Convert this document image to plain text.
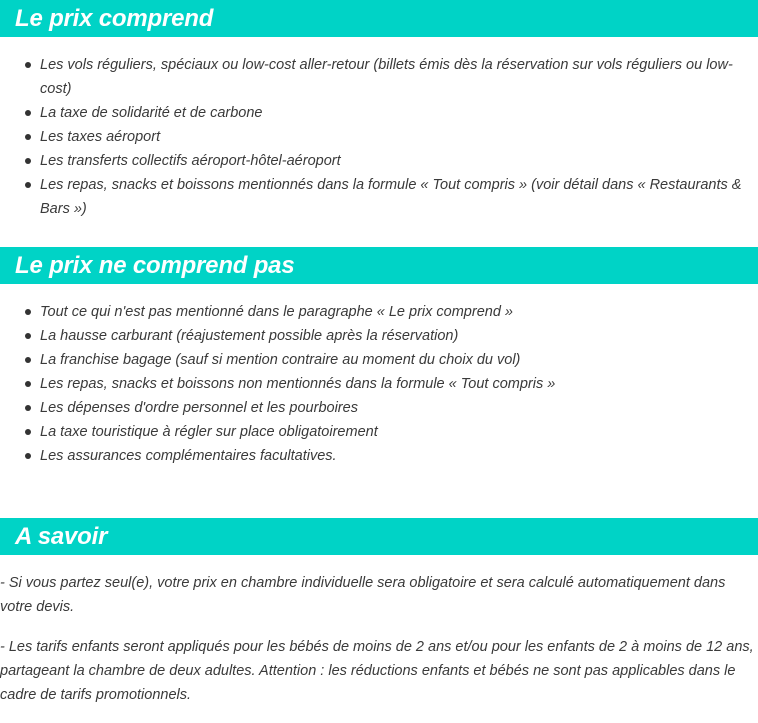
Le prix comprend
Les vols réguliers, spéciaux ou low-cost aller-retour (billets émis dès la réservation sur vols réguliers ou low-cost)
La taxe de solidarité et de carbone
Les taxes aéroport
Les transferts collectifs aéroport-hôtel-aéroport
Les repas, snacks et boissons mentionnés dans la formule « Tout compris » (voir détail dans « Restaurants & Bars »)
Le prix ne comprend pas
Tout ce qui n'est pas mentionné dans le paragraphe « Le prix comprend »
La hausse carburant (réajustement possible après la réservation)
La franchise bagage (sauf si mention contraire au moment du choix du vol)
Les repas, snacks et boissons non mentionnés dans la formule « Tout compris »
Les dépenses d'ordre personnel et les pourboires
La taxe touristique à régler sur place obligatoirement
Les assurances complémentaires facultatives.
A savoir

- Si vous partez seul(e), votre prix en chambre individuelle sera obligatoire et sera calculé automatiquement dans votre devis.

- Les tarifs enfants seront appliqués pour les bébés de moins de 2 ans et/ou pour les enfants de 2 à moins de 12 ans, partageant la chambre de deux adultes. Attention : les réductions enfants et bébés ne sont pas applicables dans le cadre de tarifs promotionnels.
